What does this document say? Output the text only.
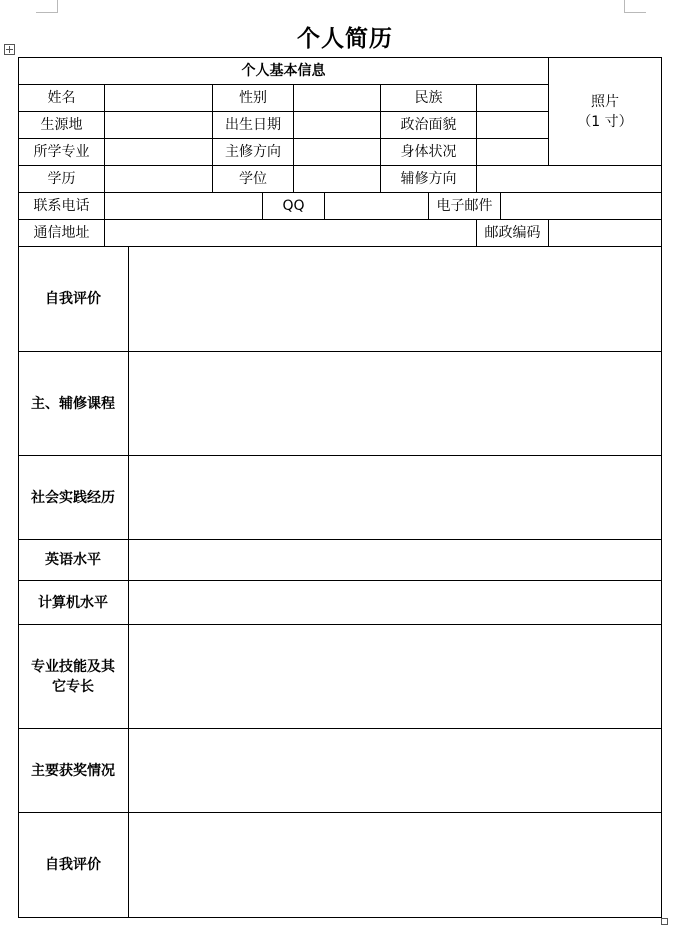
个人简历
个人基本信息
照片
（1 寸）
姓名	性别	民族
生源地	出生日期	政治面貌
所学专业	主修方向	身体状况
学历	学位	辅修方向
联系电话	QQ	电子邮件
通信地址	邮政编码
自我评价
主、辅修课程
社会实践经历
英语水平
计算机水平
专业技能及其它专长
主要获奖情况
自我评价
